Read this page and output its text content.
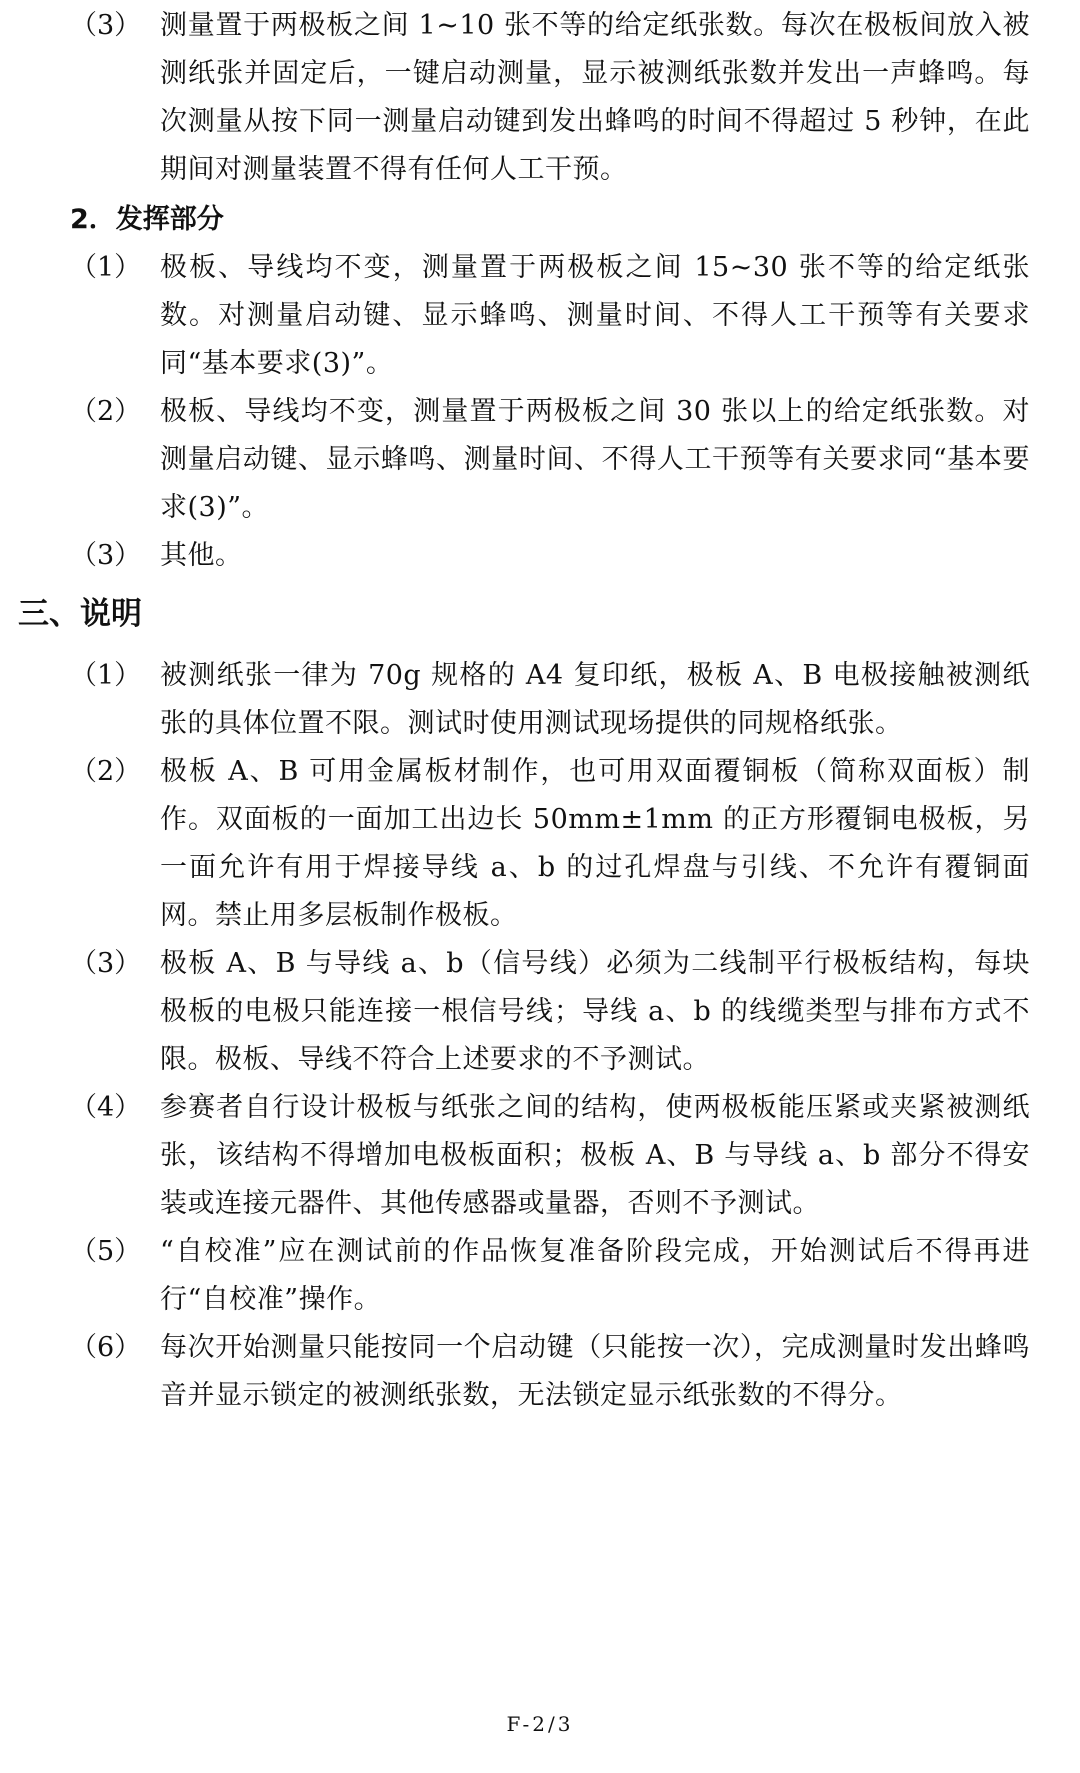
（3） 测量置于两极板之间 1~10 张不等的给定纸张数。每次在极板间放入被测纸张并固定后，一键启动测量，显示被测纸张数并发出一声蜂鸣。每次测量从按下同一测量启动键到发出蜂鸣的时间不得超过 5 秒钟，在此期间对测量装置不得有任何人工干预。
2．发挥部分
（1） 极板、导线均不变，测量置于两极板之间 15~30 张不等的给定纸张数。对测量启动键、显示蜂鸣、测量时间、不得人工干预等有关要求同“基本要求(3)”。
（2） 极板、导线均不变，测量置于两极板之间 30 张以上的给定纸张数。对测量启动键、显示蜂鸣、测量时间、不得人工干预等有关要求同“基本要求(3)”。
（3） 其他。
三、说明
（1） 被测纸张一律为 70g 规格的 A4 复印纸，极板 A、B 电极接触被测纸张的具体位置不限。测试时使用测试现场提供的同规格纸张。
（2） 极板 A、B 可用金属板材制作，也可用双面覆铜板（简称双面板）制作。双面板的一面加工出边长 50mm±1mm 的正方形覆铜电极板，另一面允许有用于焊接导线 a、b 的过孔焊盘与引线、不允许有覆铜面网。禁止用多层板制作极板。
（3） 极板 A、B 与导线 a、b（信号线）必须为二线制平行极板结构，每块极板的电极只能连接一根信号线；导线 a、b 的线缆类型与排布方式不限。极板、导线不符合上述要求的不予测试。
（4） 参赛者自行设计极板与纸张之间的结构，使两极板能压紧或夹紧被测纸张，该结构不得增加电极板面积；极板 A、B 与导线 a、b 部分不得安装或连接元器件、其他传感器或量器，否则不予测试。
（5） “自校准”应在测试前的作品恢复准备阶段完成，开始测试后不得再进行“自校准”操作。
（6） 每次开始测量只能按同一个启动键（只能按一次），完成测量时发出蜂鸣音并显示锁定的被测纸张数，无法锁定显示纸张数的不得分。
F-2/3
